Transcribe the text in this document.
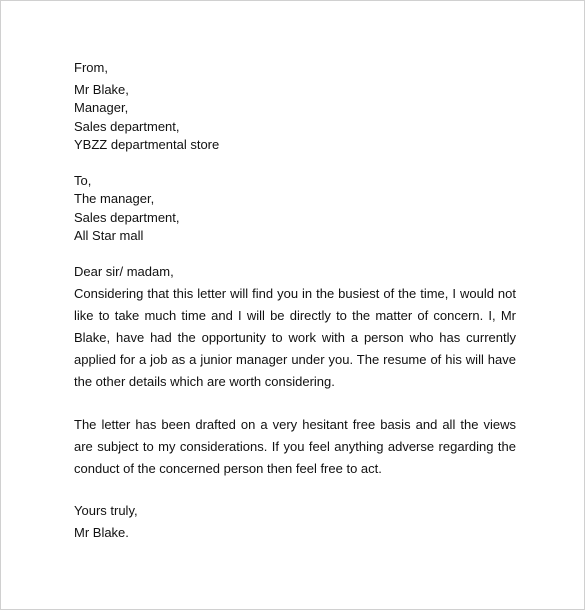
From,
Mr Blake,
Manager,
Sales department,
YBZZ departmental store
To,
The manager,
Sales department,
All Star mall
Dear sir/ madam,

Considering that this letter will find you in the busiest of the time, I would not like to take much time and I will be directly to the matter of concern. I, Mr Blake, have had the opportunity to work with a person who has currently applied for a job as a junior manager under you. The resume of his will have the other details which are worth considering.

The letter has been drafted on a very hesitant free basis and all the views are subject to my considerations. If you feel anything adverse regarding the conduct of the concerned person then feel free to act.

Yours truly,
Mr Blake.
